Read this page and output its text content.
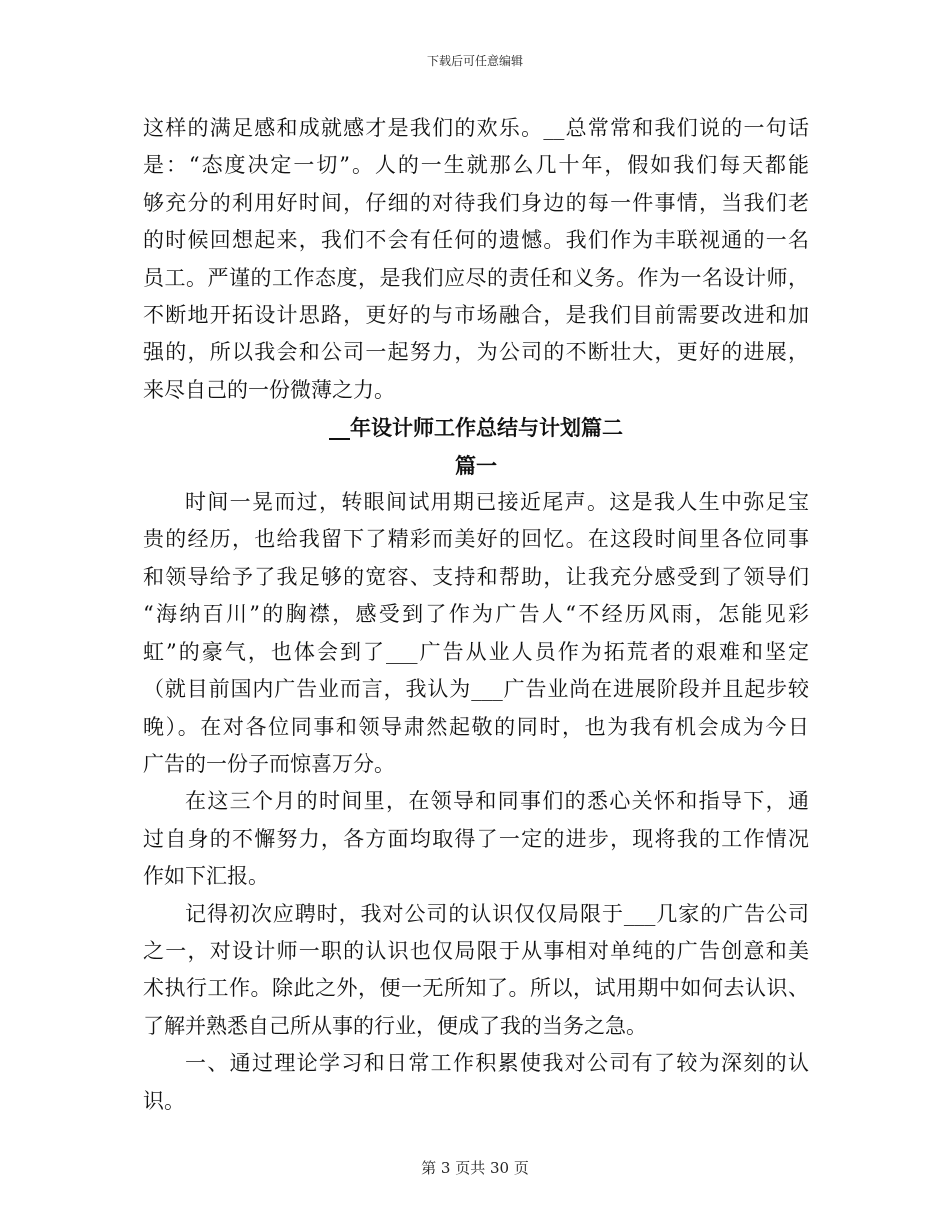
下载后可任意编辑

这样的满足感和成就感才是我们的欢乐。__总常常和我们说的一句话
是：“态度决定一切”。人的一生就那么几十年，假如我们每天都能
够充分的利用好时间，仔细的对待我们身边的每一件事情，当我们老
的时候回想起来，我们不会有任何的遗憾。我们作为丰联视通的一名
员工。严谨的工作态度，是我们应尽的责任和义务。作为一名设计师，
不断地开拓设计思路，更好的与市场融合，是我们目前需要改进和加
强的，所以我会和公司一起努力，为公司的不断壮大，更好的进展，
来尽自己的一份微薄之力。

__年设计师工作总结与计划篇二
篇一

时间一晃而过，转眼间试用期已接近尾声。这是我人生中弥足宝
贵的经历，也给我留下了精彩而美好的回忆。在这段时间里各位同事
和领导给予了我足够的宽容、支持和帮助，让我充分感受到了领导们
“海纳百川”的胸襟，感受到了作为广告人“不经历风雨，怎能见彩
虹”的豪气，也体会到了___广告从业人员作为拓荒者的艰难和坚定
（就目前国内广告业而言，我认为___广告业尚在进展阶段并且起步较
晚）。在对各位同事和领导肃然起敬的同时，也为我有机会成为今日
广告的一份子而惊喜万分。

在这三个月的时间里，在领导和同事们的悉心关怀和指导下，通
过自身的不懈努力，各方面均取得了一定的进步，现将我的工作情况
作如下汇报。

记得初次应聘时，我对公司的认识仅仅局限于___几家的广告公司
之一，对设计师一职的认识也仅局限于从事相对单纯的广告创意和美
术执行工作。除此之外，便一无所知了。所以，试用期中如何去认识、
了解并熟悉自己所从事的行业，便成了我的当务之急。

一、通过理论学习和日常工作积累使我对公司有了较为深刻的认
识。

第 3 页共 30 页
